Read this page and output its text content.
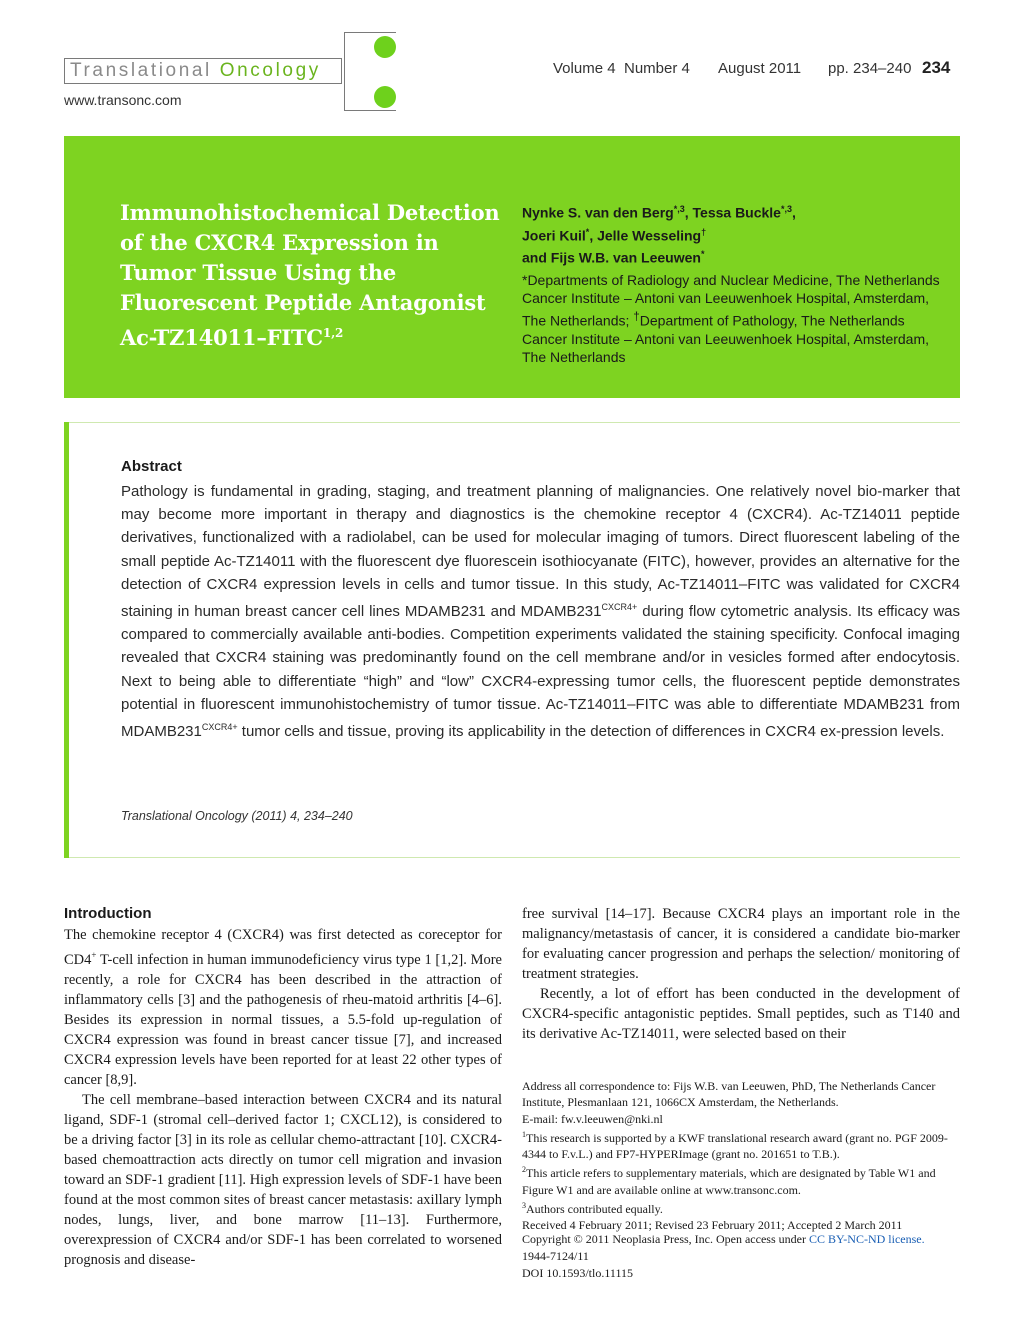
Translational Oncology
www.transonc.com
Volume 4 Number 4 August 2011 pp. 234–240 234
Immunohistochemical Detection of the CXCR4 Expression in Tumor Tissue Using the Fluorescent Peptide Antagonist Ac-TZ14011–FITC$^{1,2}$
Nynke S. van den Berg$^{*,3}$, Tessa Buckle$^{*,3}$,
Joeri Kuil*, Jelle Wesseling†
and Fijs W.B. van Leeuwen*
*Departments of Radiology and Nuclear Medicine, The Netherlands Cancer Institute – Antoni van Leeuwenhoek Hospital, Amsterdam, The Netherlands; †Department of Pathology, The Netherlands Cancer Institute – Antoni van Leeuwenhoek Hospital, Amsterdam, The Netherlands
Abstract
Pathology is fundamental in grading, staging, and treatment planning of malignancies. One relatively novel bio-marker that may become more important in therapy and diagnostics is the chemokine receptor 4 (CXCR4). Ac-TZ14011 peptide derivatives, functionalized with a radiolabel, can be used for molecular imaging of tumors. Direct fluorescent labeling of the small peptide Ac-TZ14011 with the fluorescent dye fluorescein isothiocyanate (FITC), however, provides an alternative for the detection of CXCR4 expression levels in cells and tumor tissue. In this study, Ac-TZ14011–FITC was validated for CXCR4 staining in human breast cancer cell lines MDAMB231 and $MDAMB231^{CXCR4+}$ during flow cytometric analysis. Its efficacy was compared to commercially available anti-bodies. Competition experiments validated the staining specificity. Confocal imaging revealed that CXCR4 staining was predominantly found on the cell membrane and/or in vesicles formed after endocytosis. Next to being able to differentiate “high” and “low” CXCR4-expressing tumor cells, the fluorescent peptide demonstrates potential in fluorescent immunohistochemistry of tumor tissue. Ac-TZ14011–FITC was able to differentiate MDAMB231 from $MDAMB231^{CXCR4+}$ tumor cells and tissue, proving its applicability in the detection of differences in CXCR4 ex-pression levels.
Translational Oncology (2011) 4, 234–240
Introduction

The chemokine receptor 4 (CXCR4) was first detected as coreceptor for CD4+ T-cell infection in human immunodeficiency virus type 1 [1,2]. More recently, a role for CXCR4 has been described in the attraction of inflammatory cells [3] and the pathogenesis of rheu-matoid arthritis [4–6]. Besides its expression in normal tissues, a 5.5-fold up-regulation of CXCR4 expression was found in breast cancer tissue [7], and increased CXCR4 expression levels have been reported for at least 22 other types of cancer [8,9].

The cell membrane–based interaction between CXCR4 and its natural ligand, SDF-1 (stromal cell–derived factor 1; CXCL12), is considered to be a driving factor [3] in its role as cellular chemo-attractant [10]. CXCR4-based chemoattraction acts directly on tumor cell migration and invasion toward an SDF-1 gradient [11]. High expression levels of SDF-1 have been found at the most common sites of breast cancer metastasis: axillary lymph nodes, lungs, liver, and bone marrow [11–13]. Furthermore, overexpression of CXCR4 and/or SDF-1 has been correlated to worsened prognosis and disease-

free survival [14–17]. Because CXCR4 plays an important role in the malignancy/metastasis of cancer, it is considered a candidate bio-marker for evaluating cancer progression and perhaps the selection/ monitoring of treatment strategies.

Recently, a lot of effort has been conducted in the development of CXCR4-specific antagonistic peptides. Small peptides, such as T140 and its derivative Ac-TZ14011, were selected based on their

Address all correspondence to: Fijs W.B. van Leeuwen, PhD, The Netherlands Cancer Institute, Plesmanlaan 121, 1066CX Amsterdam, the Netherlands.
E-mail: fw.v.leeuwen@nki.nl
$^1$This research is supported by a KWF translational research award (grant no. PGF 2009-4344 to F.v.L.) and FP7-HYPERImage (grant no. 201651 to T.B.).
$^2$This article refers to supplementary materials, which are designated by Table W1 and Figure W1 and are available online at www.transonc.com.
$^3$Authors contributed equally.
Received 4 February 2011; Revised 23 February 2011; Accepted 2 March 2011
Copyright © 2011 Neoplasia Press, Inc. Open access under CC BY-NC-ND license.
1944-7124/11
DOI 10.1593/tlo.11115
